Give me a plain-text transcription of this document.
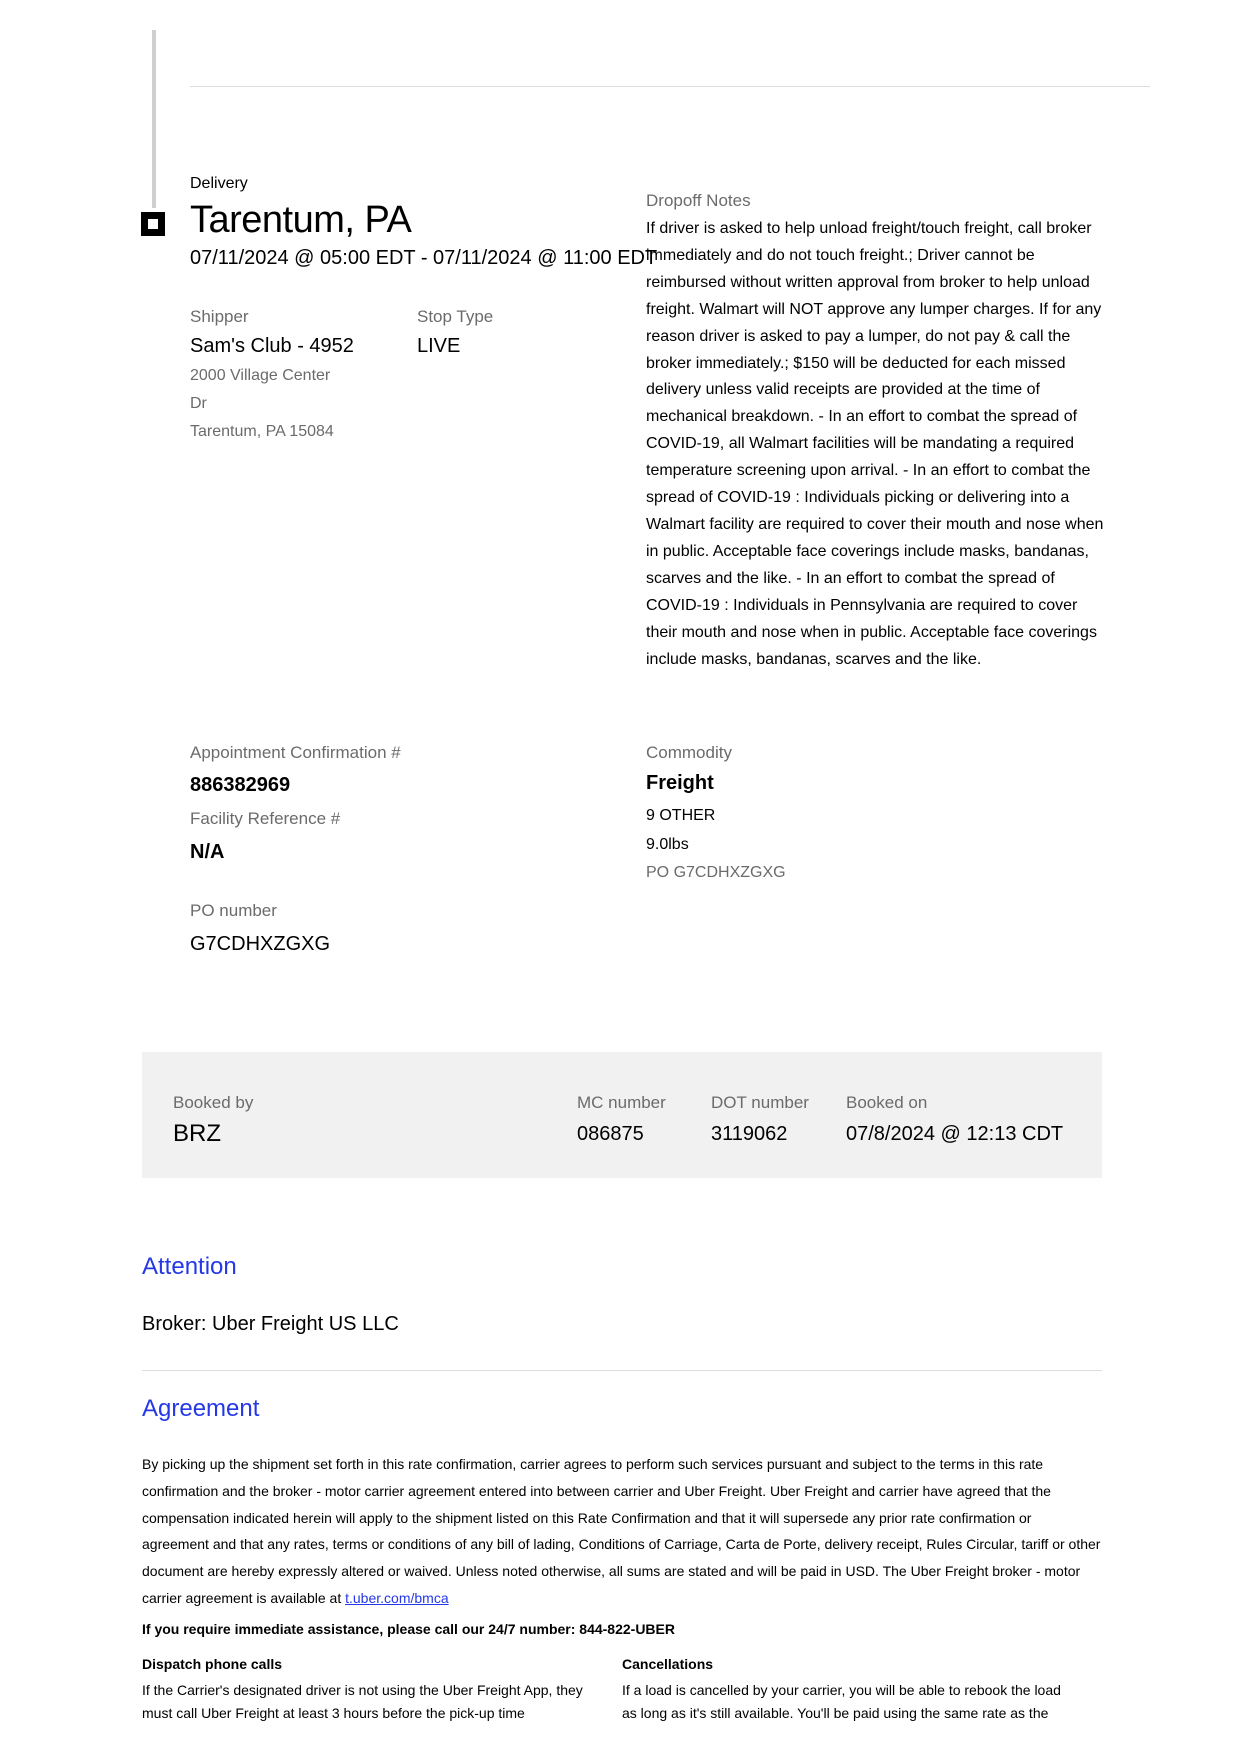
Delivery
Tarentum, PA
07/11/2024 @ 05:00 EDT - 07/11/2024 @ 11:00 EDT
Shipper
Sam's Club - 4952
2000 Village Center
Dr
Tarentum, PA 15084
Stop Type
LIVE
Dropoff Notes
If driver is asked to help unload freight/touch freight, call broker immediately and do not touch freight.; Driver cannot be reimbursed without written approval from broker to help unload freight. Walmart will NOT approve any lumper charges. If for any reason driver is asked to pay a lumper, do not pay & call the broker immediately.; $150 will be deducted for each missed delivery unless valid receipts are provided at the time of mechanical breakdown. - In an effort to combat the spread of COVID-19, all Walmart facilities will be mandating a required temperature screening upon arrival. - In an effort to combat the spread of COVID-19 : Individuals picking or delivering into a Walmart facility are required to cover their mouth and nose when in public. Acceptable face coverings include masks, bandanas, scarves and the like. - In an effort to combat the spread of COVID-19 : Individuals in Pennsylvania are required to cover their mouth and nose when in public. Acceptable face coverings include masks, bandanas, scarves and the like.
Appointment Confirmation #
886382969
Facility Reference #
N/A
PO number
G7CDHXZGXG
Commodity
Freight
9 OTHER
9.0lbs
PO G7CDHXZGXG
Booked by
BRZ
MC number
086875
DOT number
3119062
Booked on
07/8/2024 @ 12:13 CDT
Attention
Broker: Uber Freight US LLC
Agreement
By picking up the shipment set forth in this rate confirmation, carrier agrees to perform such services pursuant and subject to the terms in this rate confirmation and the broker - motor carrier agreement entered into between carrier and Uber Freight. Uber Freight and carrier have agreed that the compensation indicated herein will apply to the shipment listed on this Rate Confirmation and that it will supersede any prior rate confirmation or agreement and that any rates, terms or conditions of any bill of lading, Conditions of Carriage, Carta de Porte, delivery receipt, Rules Circular, tariff or other document are hereby expressly altered or waived. Unless noted otherwise, all sums are stated and will be paid in USD. The Uber Freight broker - motor carrier agreement is available at t.uber.com/bmca
If you require immediate assistance, please call our 24/7 number: 844-822-UBER
Dispatch phone calls
If the Carrier's designated driver is not using the Uber Freight App, they must call Uber Freight at least 3 hours before the pick-up time
Cancellations
If a load is cancelled by your carrier, you will be able to rebook the load as long as it's still available. You'll be paid using the same rate as the
